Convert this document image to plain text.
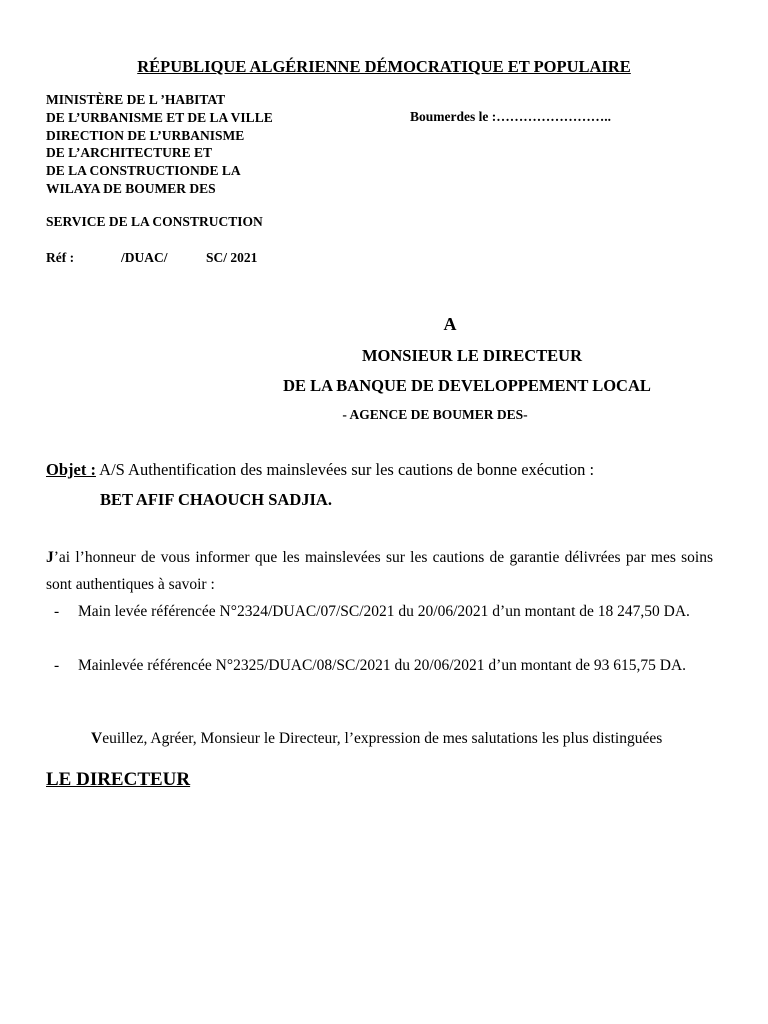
RÉPUBLIQUE ALGÉRIENNE DÉMOCRATIQUE ET POPULAIRE
MINISTÈRE DE L ’HABITAT
DE L’URBANISME ET DE LA VILLE
DIRECTION DE L’URBANISME
DE L’ARCHITECTURE ET
DE LA CONSTRUCTIONDE LA
WILAYA DE BOUMER DES
Boumerdes le :……………………..
SERVICE DE LA CONSTRUCTION
Réf :	/DUAC/	SC/ 2021
A
MONSIEUR LE DIRECTEUR
DE LA BANQUE DE DEVELOPPEMENT LOCAL
- AGENCE DE BOUMER DES-
Objet : A/S Authentification des mainslevées sur les cautions de bonne exécution :
BET AFIF CHAOUCH SADJIA.
J’ai l’honneur de vous informer que les mainslevées sur les cautions de garantie délivrées par mes soins sont authentiques à savoir :
- Main levée référencée N°2324/DUAC/07/SC/2021 du 20/06/2021 d’un montant de 18 247,50 DA.
- Mainlevée référencée N°2325/DUAC/08/SC/2021 du 20/06/2021 d’un montant de 93 615,75 DA.
Veuillez, Agréer, Monsieur le Directeur, l’expression de mes salutations les plus distinguées
LE DIRECTEUR
